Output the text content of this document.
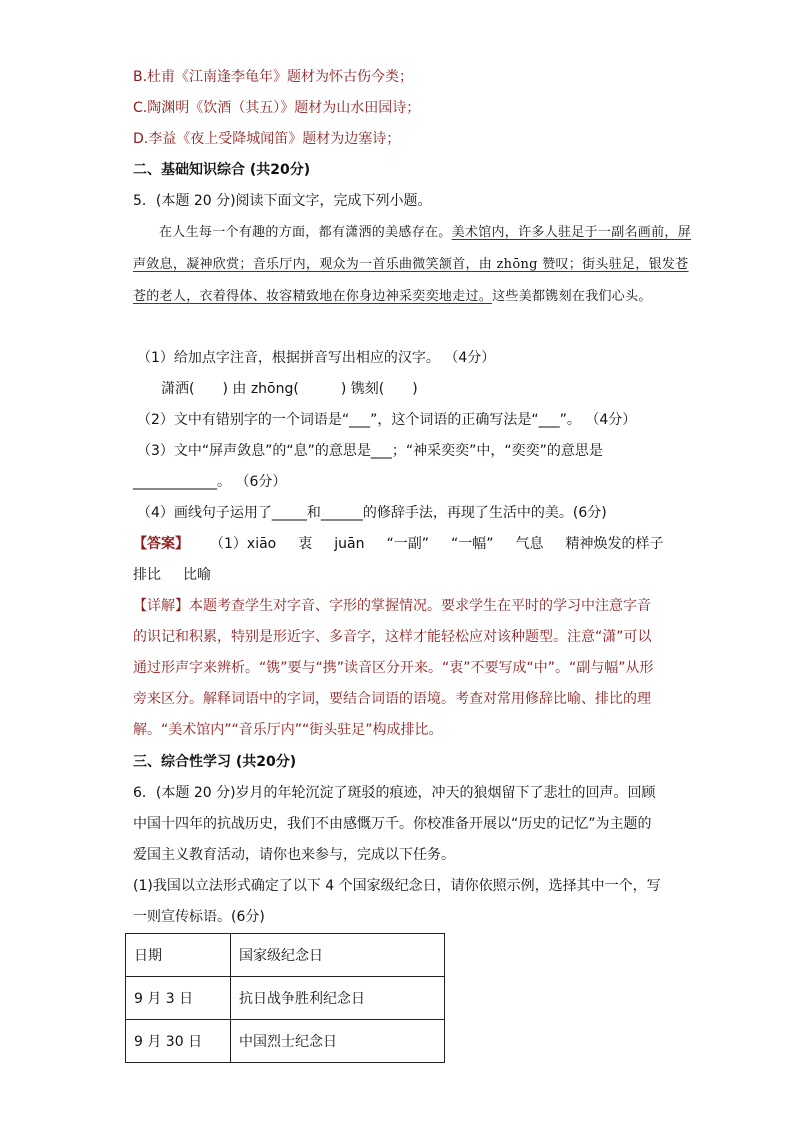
B.杜甫《江南逢李龟年》题材为怀古伤今类；
C.陶渊明《饮酒（其五）》题材为山水田园诗；
D.李益《夜上受降城闻笛》题材为边塞诗；
二、基础知识综合 (共20分)
5．(本题 20 分)阅读下面文字，完成下列小题。
在人生每一个有趣的方面，都有潇洒的美感存在。美术馆内，许多人驻足于一副名画前，屏声敛息，凝神欣赏；音乐厅内，观众为一首乐曲微笑颔首，由 zhōng 赞叹；街头驻足，银发苍苍的老人，衣着得体、妆容精致地在你身边神采奕奕地走过。这些美都镌刻在我们心头。
（1）给加点字注音，根据拼音写出相应的汉字。 （4分）
潇洒(　　) 由 zhōng(　　　) 镌刻(　　)
（2）文中有错别字的一个词语是“___”，这个词语的正确写法是“___”。 （4分）
（3）文中“屏声敛息”的“息”的意思是___；“神采奕奕”中，“奕奕”的意思是
____________。 （6分）
（4）画线句子运用了_____和______的修辞手法，再现了生活中的美。(6分)
【答案】 （1）xiāo 衷 juān “一副” “一幅” 气息 精神焕发的样子
排比 比喻
【详解】本题考查学生对字音、字形的掌握情况。要求学生在平时的学习中注意字音的识记和积累，特别是形近字、多音字，这样才能轻松应对该种题型。注意“潇”可以通过形声字来辨析。“镌”要与“携”读音区分开来。“衷”不要写成“中”。“副与幅”从形旁来区分。解释词语中的字词，要结合词语的语境。考查对常用修辞比喻、排比的理解。“美术馆内”“音乐厅内”“街头驻足”构成排比。
三、综合性学习 (共20分)
6．(本题 20 分)岁月的年轮沉淀了斑驳的痕迹，冲天的狼烟留下了悲壮的回声。回顾中国十四年的抗战历史，我们不由感慨万千。你校准备开展以“历史的记忆”为主题的爱国主义教育活动，请你也来参与，完成以下任务。
(1)我国以立法形式确定了以下 4 个国家级纪念日，请你依照示例，选择其中一个，写一则宣传标语。(6分)
日期	国家级纪念日
9 月 3 日	抗日战争胜利纪念日
9 月 30 日	中国烈士纪念日
